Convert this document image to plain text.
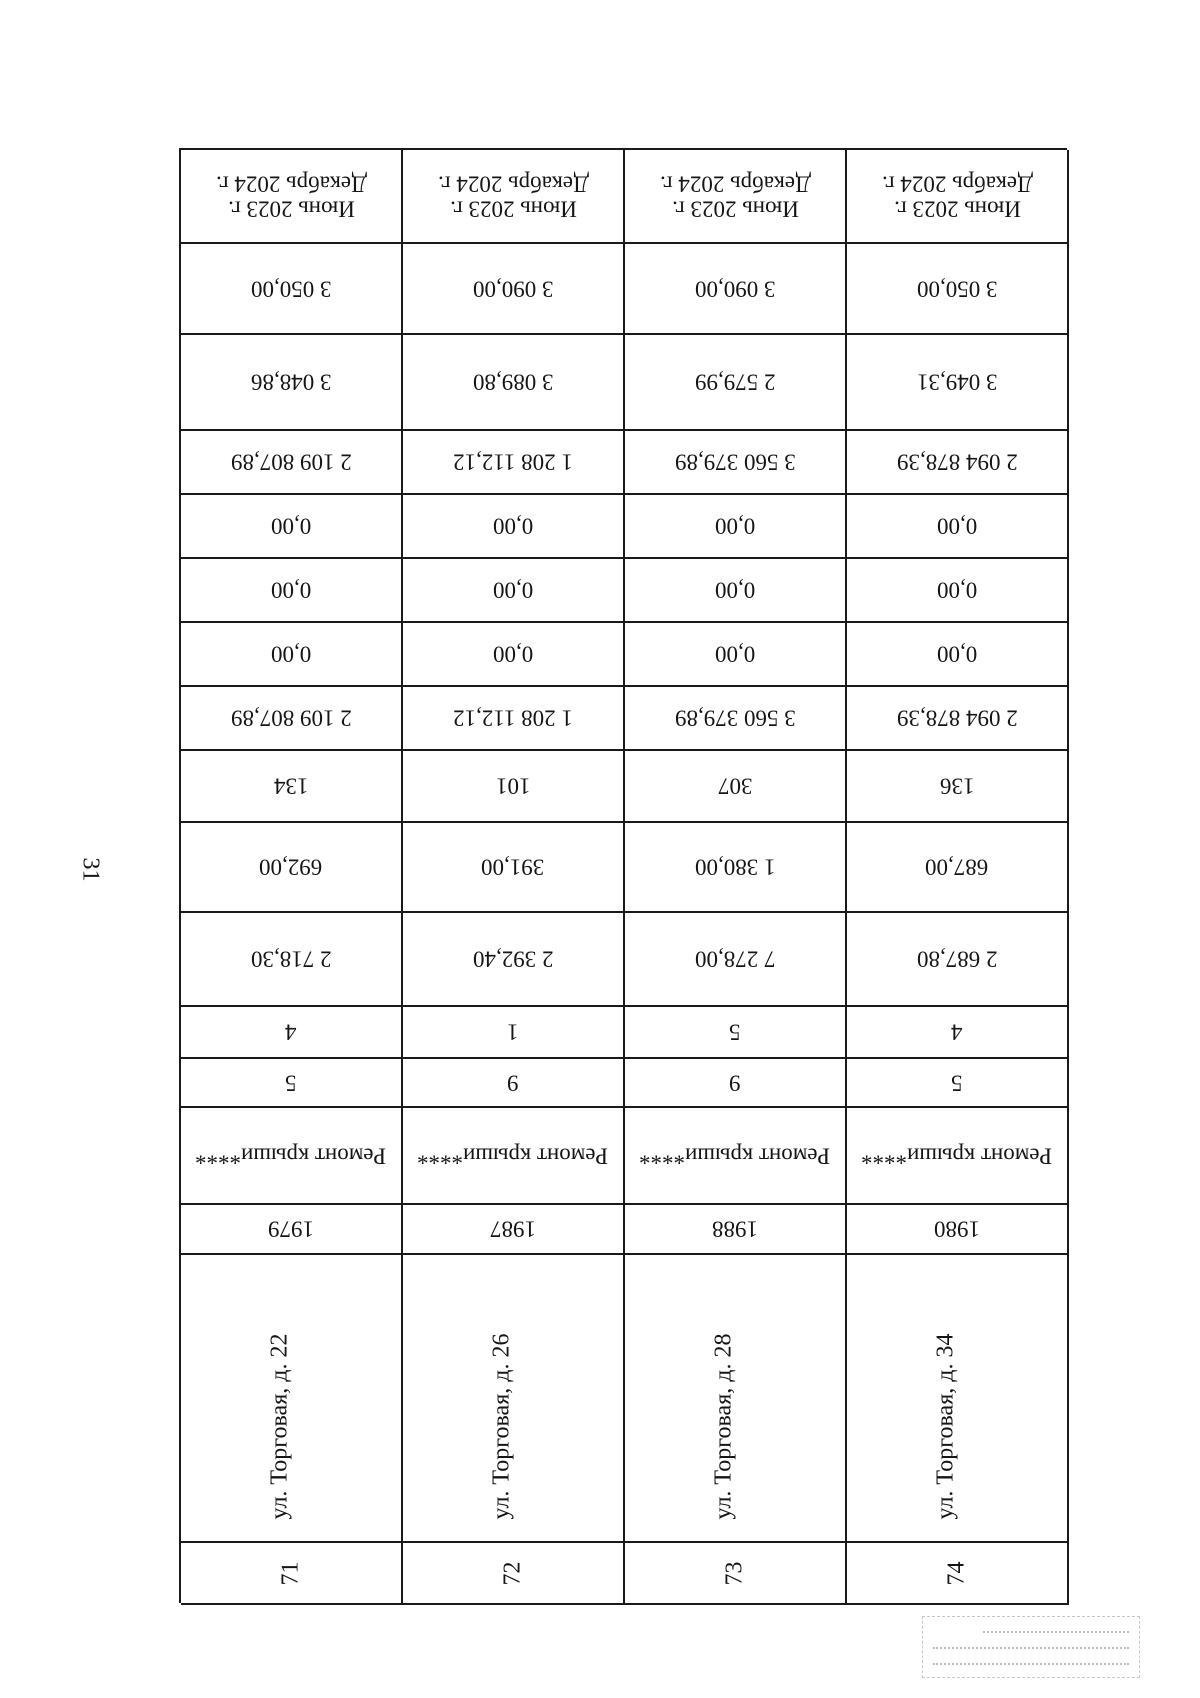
31
Июнь 2023 г.
Декабрь 2024 г.
3 050,00
3 048,86
2 109 807,89
0,00
0,00
0,00
2 109 807,89
134
692,00
2 718,30
4
5
Ремонт крыши****
1979
ул. Торговая, д. 22
71
Июнь 2023 г.
Декабрь 2024 г.
3 090,00
3 089,80
1 208 112,12
0,00
0,00
0,00
1 208 112,12
101
391,00
2 392,40
1
9
Ремонт крыши****
1987
ул. Торговая, д. 26
72
Июнь 2023 г.
Декабрь 2024 г.
3 090,00
2 579,99
3 560 379,89
0,00
0,00
0,00
3 560 379,89
307
1 380,00
7 278,00
5
9
Ремонт крыши****
1988
ул. Торговая, д. 28
73
Июнь 2023 г.
Декабрь 2024 г.
3 050,00
3 049,31
2 094 878,39
0,00
0,00
0,00
2 094 878,39
136
687,00
2 687,80
4
5
Ремонт крыши****
1980
ул. Торговая, д. 34
74
